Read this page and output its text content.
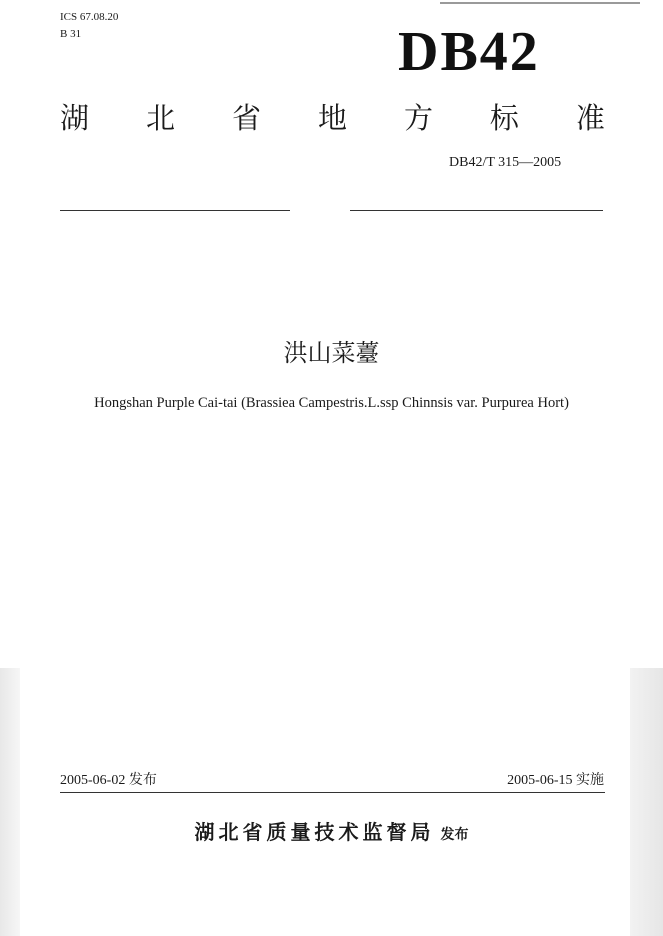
ICS 67.08.20
B 31	DB42
湖 北 省 地 方 标 准
DB42/T 315—2005
洪山菜薹
Hongshan Purple Cai-tai (Brassiea Campestris.L.ssp Chinnsis var. Purpurea Hort)
2005-06-02 发布	2005-06-15 实施
湖北省质量技术监督局 发布
